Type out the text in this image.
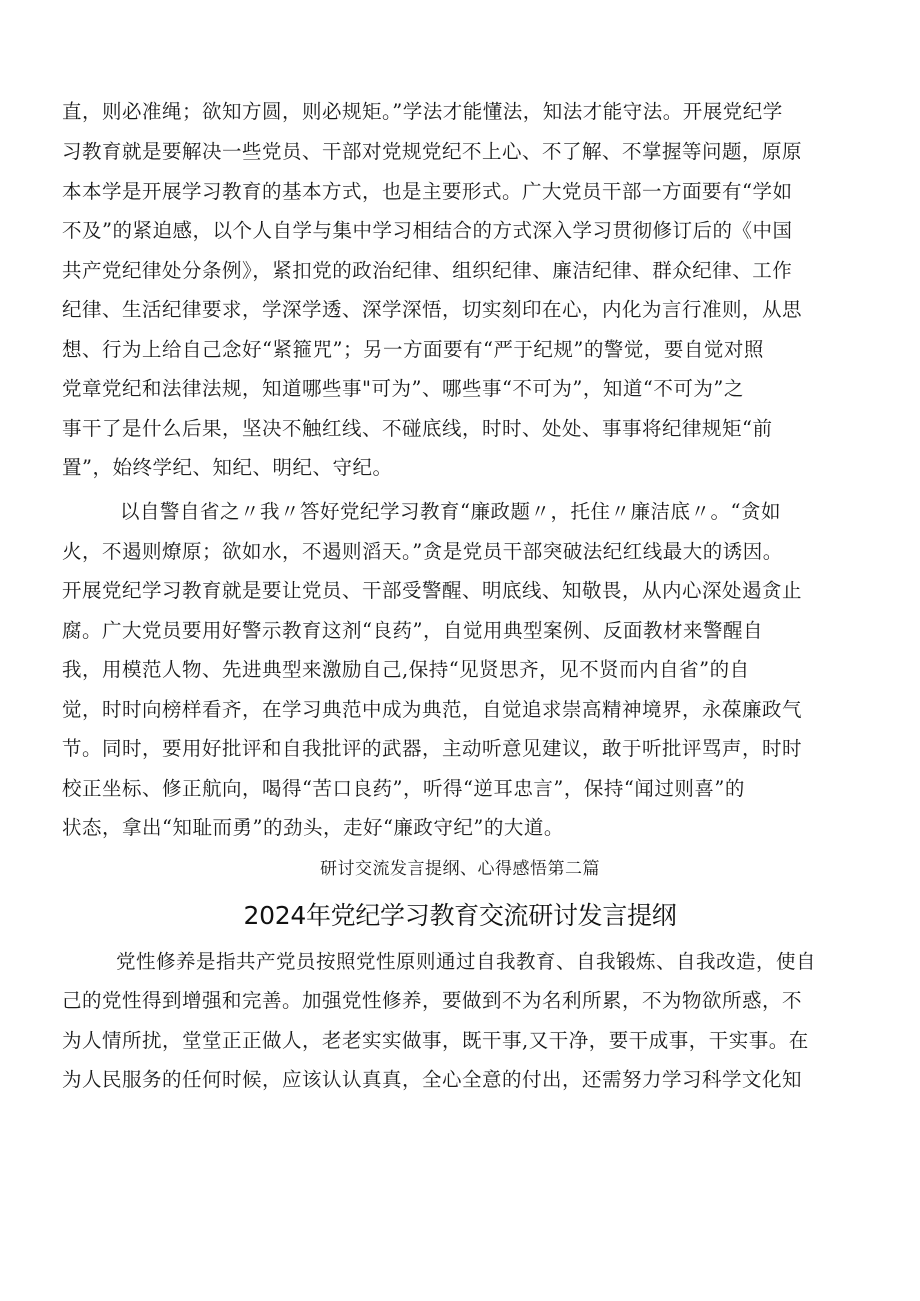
直，则必准绳；欲知方圆，则必规矩。”学法才能懂法，知法才能守法。开展党纪学
习教育就是要解决一些党员、干部对党规党纪不上心、不了解、不掌握等问题，原原
本本学是开展学习教育的基本方式，也是主要形式。广大党员干部一方面要有“学如
不及”的紧迫感，以个人自学与集中学习相结合的方式深入学习贯彻修订后的《中国
共产党纪律处分条例》，紧扣党的政治纪律、组织纪律、廉洁纪律、群众纪律、工作
纪律、生活纪律要求，学深学透、深学深悟，切实刻印在心，内化为言行准则，从思
想、行为上给自己念好“紧箍咒”；另一方面要有“严于纪规”的警觉，要自觉对照
党章党纪和法律法规，知道哪些事"可为”、哪些事“不可为”，知道“不可为”之
事干了是什么后果，坚决不触红线、不碰底线，时时、处处、事事将纪律规矩“前
置”，始终学纪、知纪、明纪、守纪。
以自警自省之〃我〃答好党纪学习教育“廉政题〃，托住〃廉洁底〃。“贪如
火，不遏则燎原；欲如水，不遏则滔天。”贪是党员干部突破法纪红线最大的诱因。
开展党纪学习教育就是要让党员、干部受警醒、明底线、知敬畏，从内心深处遏贪止
腐。广大党员要用好警示教育这剂“良药”，自觉用典型案例、反面教材来警醒自
我，用模范人物、先进典型来激励自己,保持“见贤思齐，见不贤而内自省”的自
觉，时时向榜样看齐，在学习典范中成为典范，自觉追求崇高精神境界，永葆廉政气
节。同时，要用好批评和自我批评的武器，主动听意见建议，敢于听批评骂声，时时
校正坐标、修正航向，喝得“苦口良药”，听得“逆耳忠言”，保持“闻过则喜”的
状态，拿出“知耻而勇”的劲头，走好“廉政守纪”的大道。
研讨交流发言提纲、心得感悟第二篇
2024年党纪学习教育交流研讨发言提纲
党性修养是指共产党员按照党性原则通过自我教育、自我锻炼、自我改造，使自
己的党性得到增强和完善。加强党性修养，要做到不为名利所累，不为物欲所惑，不
为人情所扰，堂堂正正做人，老老实实做事，既干事,又干净，要干成事，干实事。在
为人民服务的任何时候，应该认认真真，全心全意的付出，还需努力学习科学文化知
